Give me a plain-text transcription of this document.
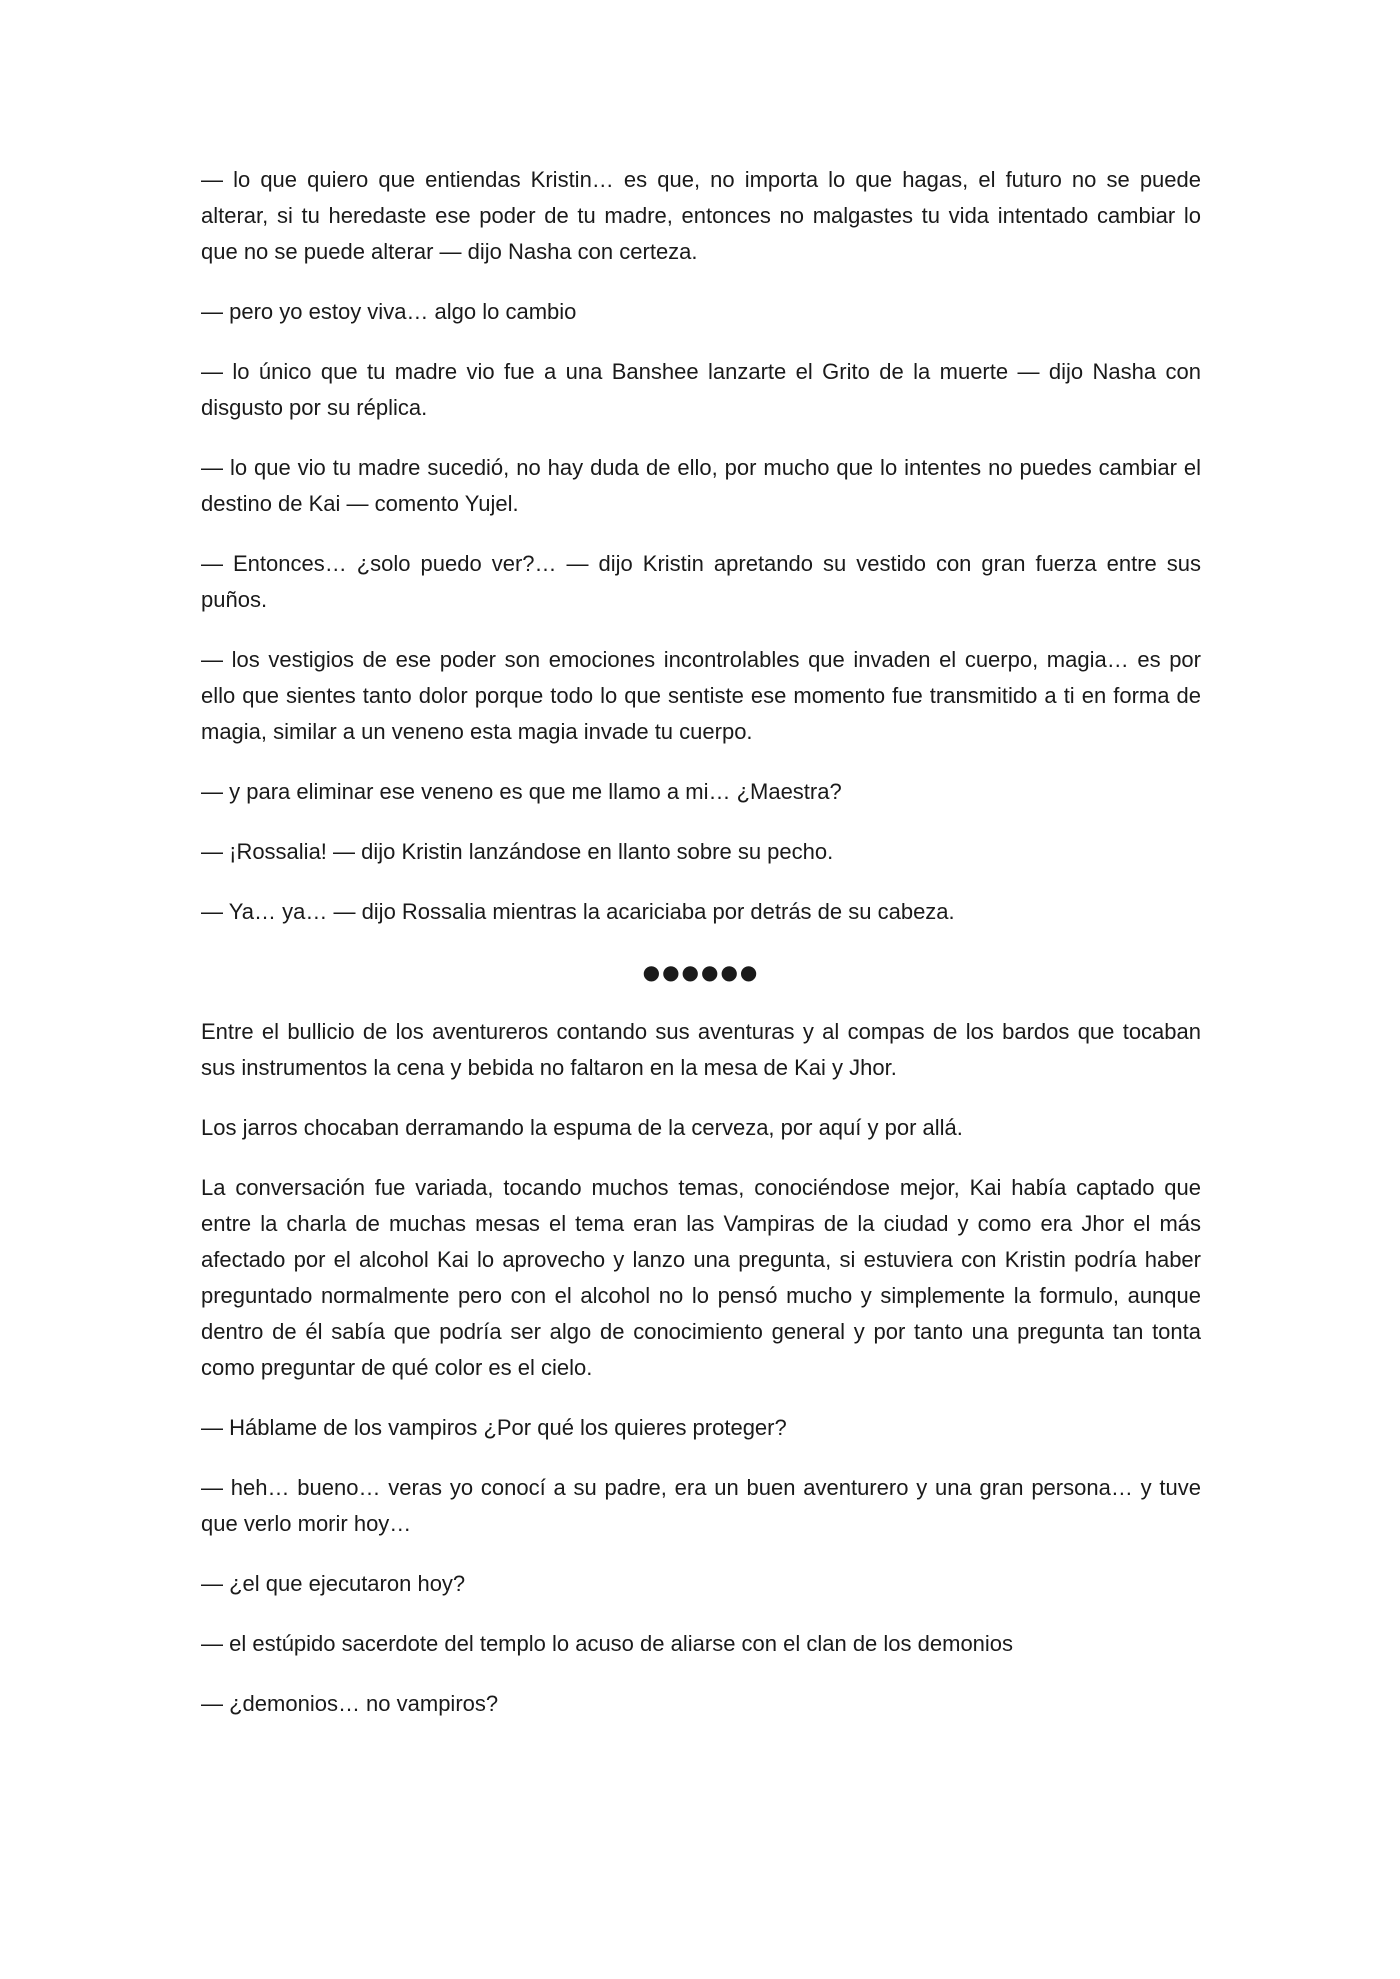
— lo que quiero que entiendas Kristin… es que, no importa lo que hagas, el futuro no se puede alterar, si tu heredaste ese poder de tu madre, entonces no malgastes tu vida intentado cambiar lo que no se puede alterar — dijo Nasha con certeza.

— pero yo estoy viva… algo lo cambio

— lo único que tu madre vio fue a una Banshee lanzarte el Grito de la muerte — dijo Nasha con disgusto por su réplica.

— lo que vio tu madre sucedió, no hay duda de ello, por mucho que lo intentes no puedes cambiar el destino de Kai — comento Yujel.

— Entonces… ¿solo puedo ver?… — dijo Kristin apretando su vestido con gran fuerza entre sus puños.

— los vestigios de ese poder son emociones incontrolables que invaden el cuerpo, magia… es por ello que sientes tanto dolor porque todo lo que sentiste ese momento fue transmitido a ti en forma de magia, similar a un veneno esta magia invade tu cuerpo.

— y para eliminar ese veneno es que me llamo a mi… ¿Maestra?

— ¡Rossalia! — dijo Kristin lanzándose en llanto sobre su pecho.

— Ya… ya… — dijo Rossalia mientras la acariciaba por detrás de su cabeza.

●●●●●●

Entre el bullicio de los aventureros contando sus aventuras y al compas de los bardos que tocaban sus instrumentos la cena y bebida no faltaron en la mesa de Kai y Jhor.

Los jarros chocaban derramando la espuma de la cerveza, por aquí y por allá.

La conversación fue variada, tocando muchos temas, conociéndose mejor, Kai había captado que entre la charla de muchas mesas el tema eran las Vampiras de la ciudad y como era Jhor el más afectado por el alcohol Kai lo aprovecho y lanzo una pregunta, si estuviera con Kristin podría haber preguntado normalmente pero con el alcohol no lo pensó mucho y simplemente la formulo, aunque dentro de él sabía que podría ser algo de conocimiento general y por tanto una pregunta tan tonta como preguntar de qué color es el cielo.

— Háblame de los vampiros ¿Por qué los quieres proteger?

— heh… bueno… veras yo conocí a su padre, era un buen aventurero y una gran persona… y tuve que verlo morir hoy…

— ¿el que ejecutaron hoy?

— el estúpido sacerdote del templo lo acuso de aliarse con el clan de los demonios

— ¿demonios… no vampiros?
